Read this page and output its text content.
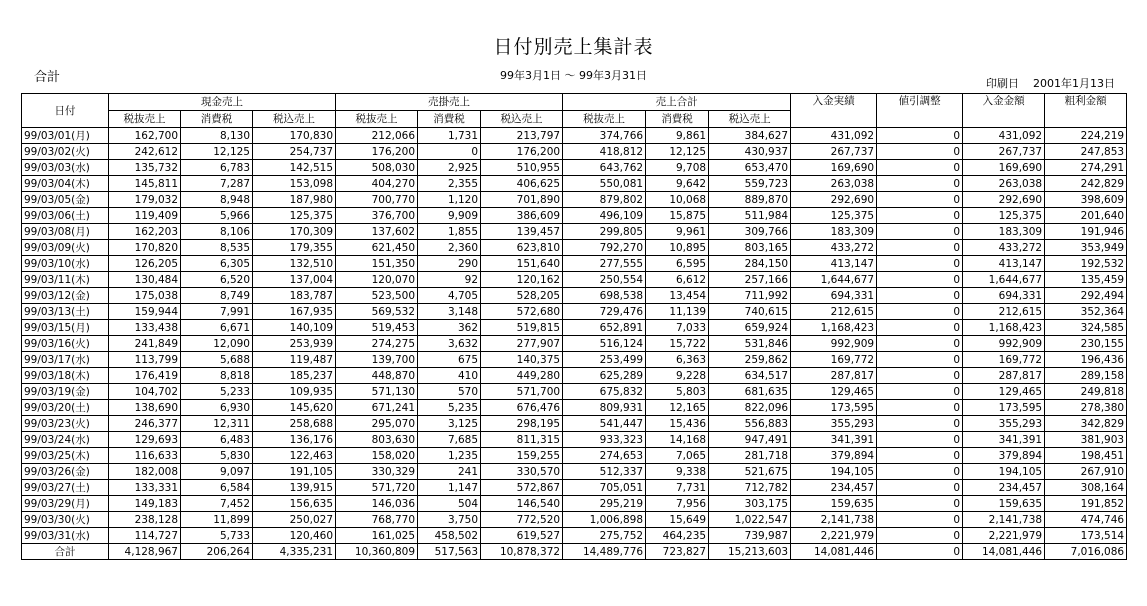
日付別売上集計表
合計	99年3月1日 ～ 99年3月31日
印刷日 2001年1月13日
日付	現金売上			売掛売上			売上合計			入金実績	値引調整	入金金額	粗利金額
	税抜売上	消費税	税込売上	税抜売上	消費税	税込売上	税抜売上	消費税	税込売上				
99/03/01(月)	162,700	8,130	170,830	212,066	1,731	213,797	374,766	9,861	384,627	431,092	0	431,092	224,219
99/03/02(火)	242,612	12,125	254,737	176,200	0	176,200	418,812	12,125	430,937	267,737	0	267,737	247,853
99/03/03(水)	135,732	6,783	142,515	508,030	2,925	510,955	643,762	9,708	653,470	169,690	0	169,690	274,291
99/03/04(木)	145,811	7,287	153,098	404,270	2,355	406,625	550,081	9,642	559,723	263,038	0	263,038	242,829
99/03/05(金)	179,032	8,948	187,980	700,770	1,120	701,890	879,802	10,068	889,870	292,690	0	292,690	398,609
99/03/06(土)	119,409	5,966	125,375	376,700	9,909	386,609	496,109	15,875	511,984	125,375	0	125,375	201,640
99/03/08(月)	162,203	8,106	170,309	137,602	1,855	139,457	299,805	9,961	309,766	183,309	0	183,309	191,946
99/03/09(火)	170,820	8,535	179,355	621,450	2,360	623,810	792,270	10,895	803,165	433,272	0	433,272	353,949
99/03/10(水)	126,205	6,305	132,510	151,350	290	151,640	277,555	6,595	284,150	413,147	0	413,147	192,532
99/03/11(木)	130,484	6,520	137,004	120,070	92	120,162	250,554	6,612	257,166	1,644,677	0	1,644,677	135,459
99/03/12(金)	175,038	8,749	183,787	523,500	4,705	528,205	698,538	13,454	711,992	694,331	0	694,331	292,494
99/03/13(土)	159,944	7,991	167,935	569,532	3,148	572,680	729,476	11,139	740,615	212,615	0	212,615	352,364
99/03/15(月)	133,438	6,671	140,109	519,453	362	519,815	652,891	7,033	659,924	1,168,423	0	1,168,423	324,585
99/03/16(火)	241,849	12,090	253,939	274,275	3,632	277,907	516,124	15,722	531,846	992,909	0	992,909	230,155
99/03/17(水)	113,799	5,688	119,487	139,700	675	140,375	253,499	6,363	259,862	169,772	0	169,772	196,436
99/03/18(木)	176,419	8,818	185,237	448,870	410	449,280	625,289	9,228	634,517	287,817	0	287,817	289,158
99/03/19(金)	104,702	5,233	109,935	571,130	570	571,700	675,832	5,803	681,635	129,465	0	129,465	249,818
99/03/20(土)	138,690	6,930	145,620	671,241	5,235	676,476	809,931	12,165	822,096	173,595	0	173,595	278,380
99/03/23(火)	246,377	12,311	258,688	295,070	3,125	298,195	541,447	15,436	556,883	355,293	0	355,293	342,829
99/03/24(水)	129,693	6,483	136,176	803,630	7,685	811,315	933,323	14,168	947,491	341,391	0	341,391	381,903
99/03/25(木)	116,633	5,830	122,463	158,020	1,235	159,255	274,653	7,065	281,718	379,894	0	379,894	198,451
99/03/26(金)	182,008	9,097	191,105	330,329	241	330,570	512,337	9,338	521,675	194,105	0	194,105	267,910
99/03/27(土)	133,331	6,584	139,915	571,720	1,147	572,867	705,051	7,731	712,782	234,457	0	234,457	308,164
99/03/29(月)	149,183	7,452	156,635	146,036	504	146,540	295,219	7,956	303,175	159,635	0	159,635	191,852
99/03/30(火)	238,128	11,899	250,027	768,770	3,750	772,520	1,006,898	15,649	1,022,547	2,141,738	0	2,141,738	474,746
99/03/31(水)	114,727	5,733	120,460	161,025	458,502	619,527	275,752	464,235	739,987	2,221,979	0	2,221,979	173,514
合計	4,128,967	206,264	4,335,231	10,360,809	517,563	10,878,372	14,489,776	723,827	15,213,603	14,081,446	0	14,081,446	7,016,086
